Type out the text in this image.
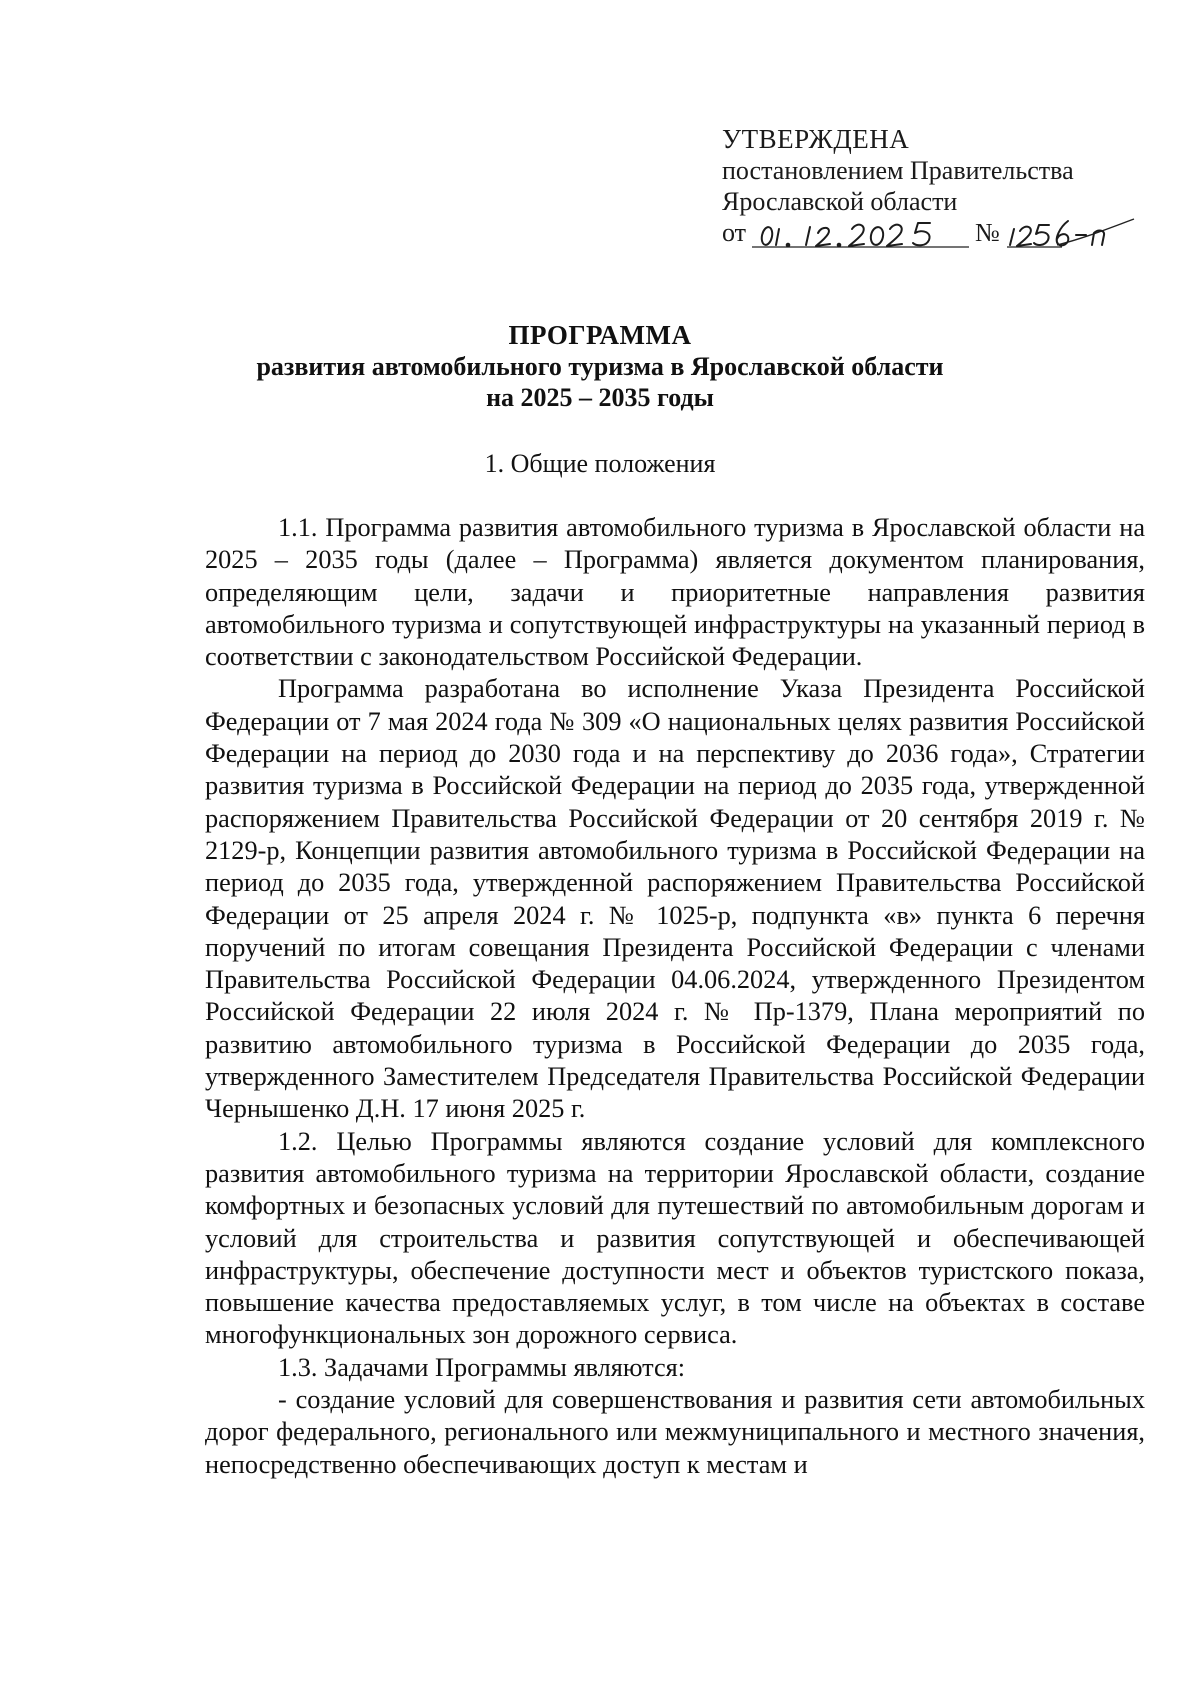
УТВЕРЖДЕНА
постановлением Правительства
Ярославской области
от	№
ПРОГРАММА
развития автомобильного туризма в Ярославской области
на 2025 – 2035 годы
1. Общие положения

1.1. Программа развития автомобильного туризма в Ярославской области на 2025 – 2035 годы (далее – Программа) является документом планирования, определяющим цели, задачи и приоритетные направления развития автомобильного туризма и сопутствующей инфраструктуры на указанный период в соответствии с законодательством Российской Федерации.

Программа разработана во исполнение Указа Президента Российской Федерации от 7 мая 2024 года № 309 «О национальных целях развития Российской Федерации на период до 2030 года и на перспективу до 2036 года», Стратегии развития туризма в Российской Федерации на период до 2035 года, утвержденной распоряжением Правительства Российской Федерации от 20 сентября 2019 г. № 2129-р, Концепции развития автомобильного туризма в Российской Федерации на период до 2035 года, утвержденной распоряжением Правительства Российской Федерации от 25 апреля 2024 г. № 1025-р, подпункта «в» пункта 6 перечня поручений по итогам совещания Президента Российской Федерации с членами Правительства Российской Федерации 04.06.2024, утвержденного Президентом Российской Федерации 22 июля 2024 г. № Пр-1379, Плана мероприятий по развитию автомобильного туризма в Российской Федерации до 2035 года, утвержденного Заместителем Председателя Правительства Российской Федерации Чернышенко Д.Н. 17 июня 2025 г.

1.2. Целью Программы являются создание условий для комплексного развития автомобильного туризма на территории Ярославской области, создание комфортных и безопасных условий для путешествий по автомобильным дорогам и условий для строительства и развития сопутствующей и обеспечивающей инфраструктуры, обеспечение доступности мест и объектов туристского показа, повышение качества предоставляемых услуг, в том числе на объектах в составе многофункциональных зон дорожного сервиса.

1.3. Задачами Программы являются:

- создание условий для совершенствования и развития сети автомобильных дорог федерального, регионального или межмуниципального и местного значения, непосредственно обеспечивающих доступ к местам и
